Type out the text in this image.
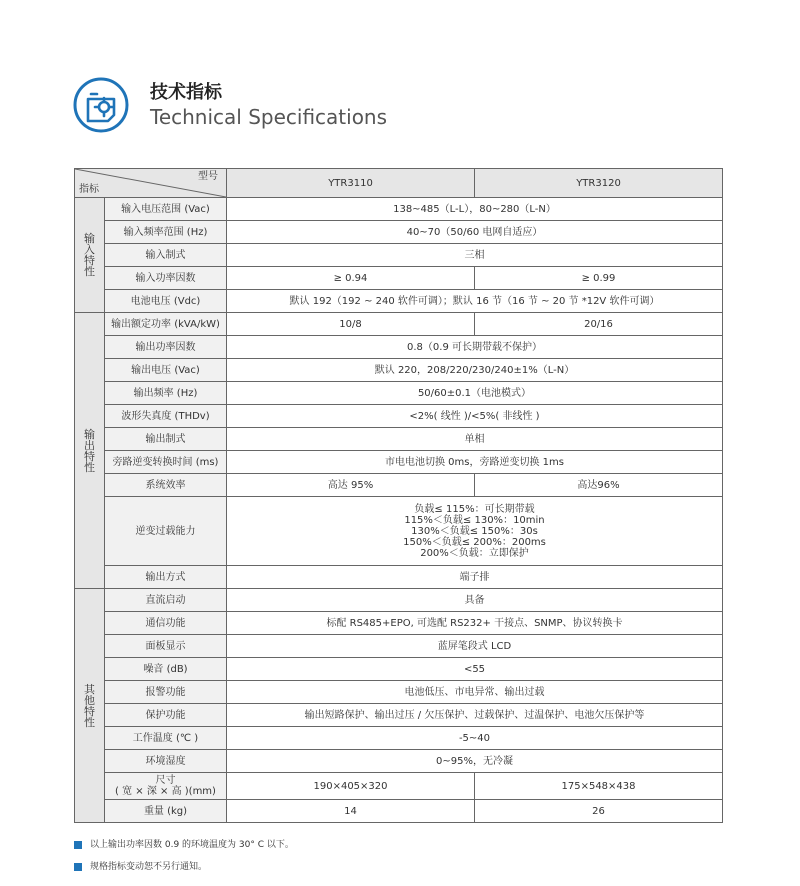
技术指标
Technical Specifications
型号
指标		YTR3110	YTR3120
输入特性	输入电压范围 (Vac)	138~485（L-L），80~280（L-N）	
	输入频率范围 (Hz)	40~70（50/60 电网自适应）	
	输入制式	三相	
	输入功率因数	≥ 0.94	≥ 0.99
	电池电压 (Vdc)	默认 192（192 ~ 240 软件可调）；默认 16 节（16 节 ~ 20 节 *12V 软件可调）	
输出特性	输出额定功率 (kVA/kW)	10/8	20/16
	输出功率因数	0.8（0.9 可长期带载不保护）	
	输出电压 (Vac)	默认 220，208/220/230/240±1%（L-N）	
	输出频率 (Hz)	50/60±0.1（电池模式）	
	波形失真度 (THDv)	<2%( 线性 )/<5%( 非线性 )	
	输出制式	单相	
	旁路逆变转换时间 (ms)	市电电池切换 0ms，旁路逆变切换 1ms	
	系统效率	高达 95%	高达96%
	逆变过载能力	负载≤ 115%：可长期带载
115%＜负载≤ 130%：10min
130%＜负载≤ 150%：30s
150%＜负载≤ 200%：200ms
200%＜负载：立即保护	

	输出方式	端子排	
其他特性	直流启动	具备	
	通信功能	标配 RS485+EPO, 可选配 RS232+ 干接点、SNMP、协议转换卡	
	面板显示	蓝屏笔段式 LCD	
	噪音 (dB)	<55	
	报警功能	电池低压、市电异常、输出过载	
	保护功能	输出短路保护、输出过压 / 欠压保护、过载保护、过温保护、电池欠压保护等	
	工作温度 (℃ )	-5~40	
	环境湿度	0~95%，无冷凝	

	尺寸
( 宽 × 深 × 高 )(mm)	190×405×320	175×548×438
	重量 (kg)	14	26
以上输出功率因数 0.9 的环境温度为 30° C 以下。
规格指标变动恕不另行通知。
